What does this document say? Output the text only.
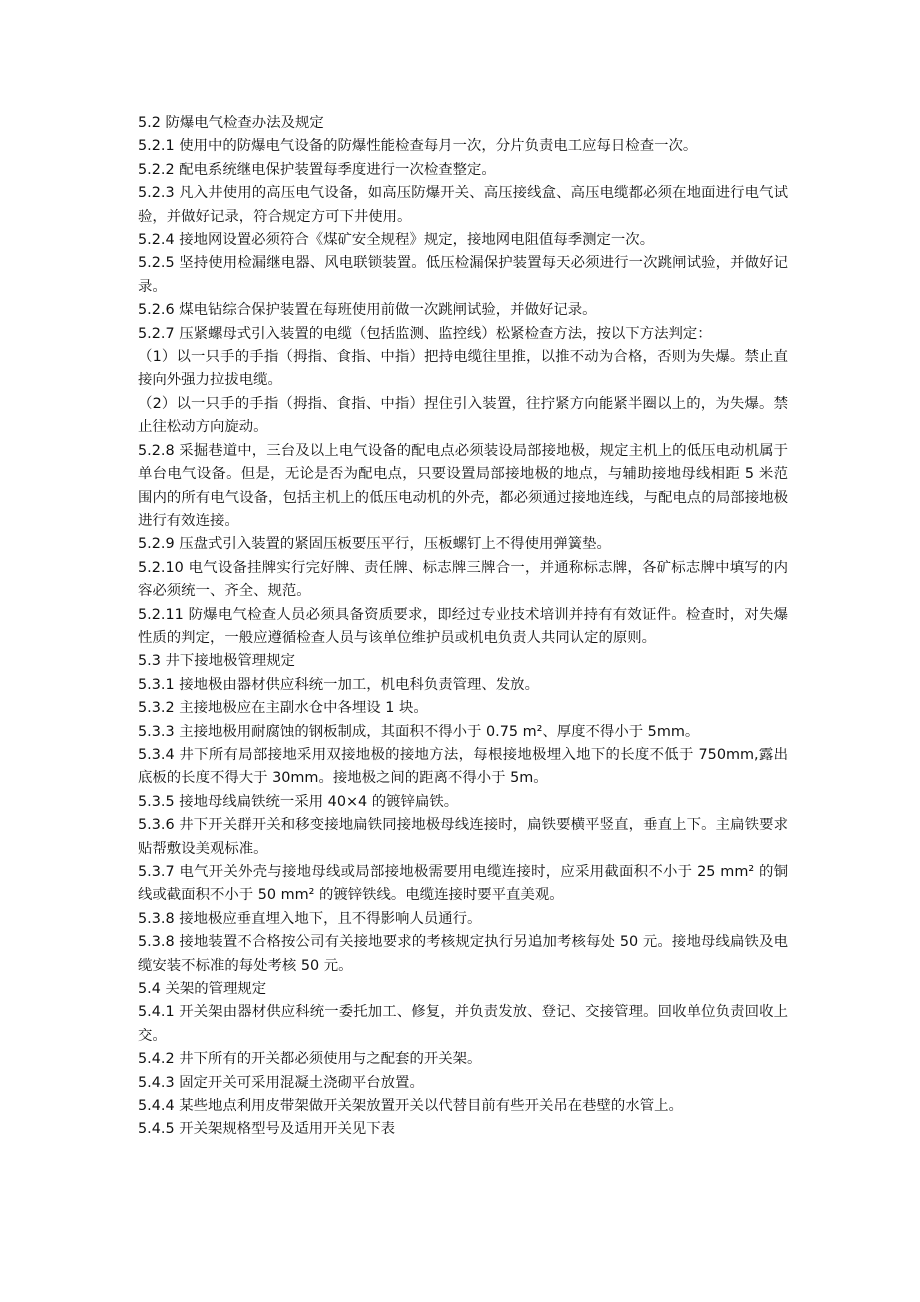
5.2 防爆电气检查办法及规定

5.2.1 使用中的防爆电气设备的防爆性能检查每月一次，分片负责电工应每日检查一次。

5.2.2 配电系统继电保护装置每季度进行一次检查整定。

5.2.3 凡入井使用的高压电气设备，如高压防爆开关、高压接线盒、高压电缆都必须在地面进行电气试验，并做好记录，符合规定方可下井使用。

5.2.4 接地网设置必须符合《煤矿安全规程》规定，接地网电阻值每季测定一次。

5.2.5 坚持使用检漏继电器、风电联锁装置。低压检漏保护装置每天必须进行一次跳闸试验，并做好记录。

5.2.6 煤电钻综合保护装置在每班使用前做一次跳闸试验，并做好记录。

5.2.7 压紧螺母式引入装置的电缆（包括监测、监控线）松紧检查方法，按以下方法判定：

（1）以一只手的手指（拇指、食指、中指）把持电缆往里推，以推不动为合格，否则为失爆。禁止直接向外强力拉拔电缆。

（2）以一只手的手指（拇指、食指、中指）捏住引入装置，往拧紧方向能紧半圈以上的，为失爆。禁止往松动方向旋动。

5.2.8 采掘巷道中，三台及以上电气设备的配电点必须装设局部接地极，规定主机上的低压电动机属于单台电气设备。但是，无论是否为配电点，只要设置局部接地极的地点，与辅助接地母线相距 5 米范围内的所有电气设备，包括主机上的低压电动机的外壳，都必须通过接地连线，与配电点的局部接地极进行有效连接。

5.2.9 压盘式引入装置的紧固压板要压平行，压板螺钉上不得使用弹簧垫。

5.2.10 电气设备挂牌实行完好牌、责任牌、标志牌三牌合一，并通称标志牌，各矿标志牌中填写的内容必须统一、齐全、规范。

5.2.11 防爆电气检查人员必须具备资质要求，即经过专业技术培训并持有有效证件。检查时，对失爆性质的判定，一般应遵循检查人员与该单位维护员或机电负责人共同认定的原则。

5.3 井下接地极管理规定

5.3.1 接地极由器材供应科统一加工，机电科负责管理、发放。

5.3.2 主接地极应在主副水仓中各埋设 1 块。

5.3.3 主接地极用耐腐蚀的钢板制成，其面积不得小于 0.75 m²、厚度不得小于 5mm。

5.3.4 井下所有局部接地采用双接地极的接地方法，每根接地极埋入地下的长度不低于 750mm,露出底板的长度不得大于 30mm。接地极之间的距离不得小于 5m。

5.3.5 接地母线扁铁统一采用 40×4 的镀锌扁铁。

5.3.6 井下开关群开关和移变接地扁铁同接地极母线连接时，扁铁要横平竖直，垂直上下。主扁铁要求贴帮敷设美观标准。

5.3.7 电气开关外壳与接地母线或局部接地极需要用电缆连接时，应采用截面积不小于 25 mm² 的铜线或截面积不小于 50 mm² 的镀锌铁线。电缆连接时要平直美观。

5.3.8 接地极应垂直埋入地下，且不得影响人员通行。

5.3.8 接地装置不合格按公司有关接地要求的考核规定执行另追加考核每处 50 元。接地母线扁铁及电缆安装不标准的每处考核 50 元。

5.4 关架的管理规定

5.4.1 开关架由器材供应科统一委托加工、修复，并负责发放、登记、交接管理。回收单位负责回收上交。

5.4.2 井下所有的开关都必须使用与之配套的开关架。

5.4.3 固定开关可采用混凝土浇砌平台放置。

5.4.4 某些地点利用皮带架做开关架放置开关以代替目前有些开关吊在巷壁的水管上。

5.4.5 开关架规格型号及适用开关见下表
